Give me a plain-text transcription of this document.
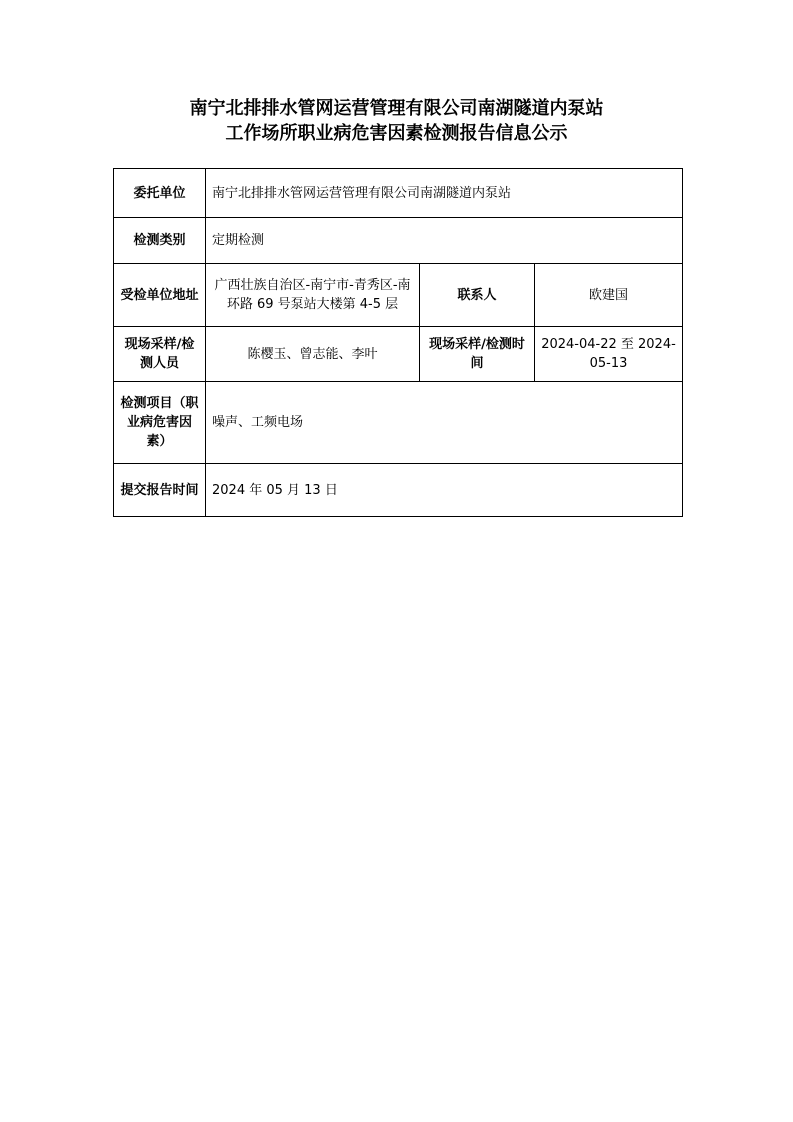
南宁北排排水管网运营管理有限公司南湖隧道内泵站
工作场所职业病危害因素检测报告信息公示
委托单位	南宁北排排水管网运营管理有限公司南湖隧道内泵站		
检测类别	定期检测		
受检单位地址	广西壮族自治区-南宁市-青秀区-南环路 69 号泵站大楼第 4-5 层	联系人	欧建国
现场采样/检测人员	陈樱玉、曾志能、李叶	现场采样/检测时间	2024-04-22 至 2024-05-13
检测项目（职业病危害因素）	噪声、工频电场		
提交报告时间	2024 年 05 月 13 日		
